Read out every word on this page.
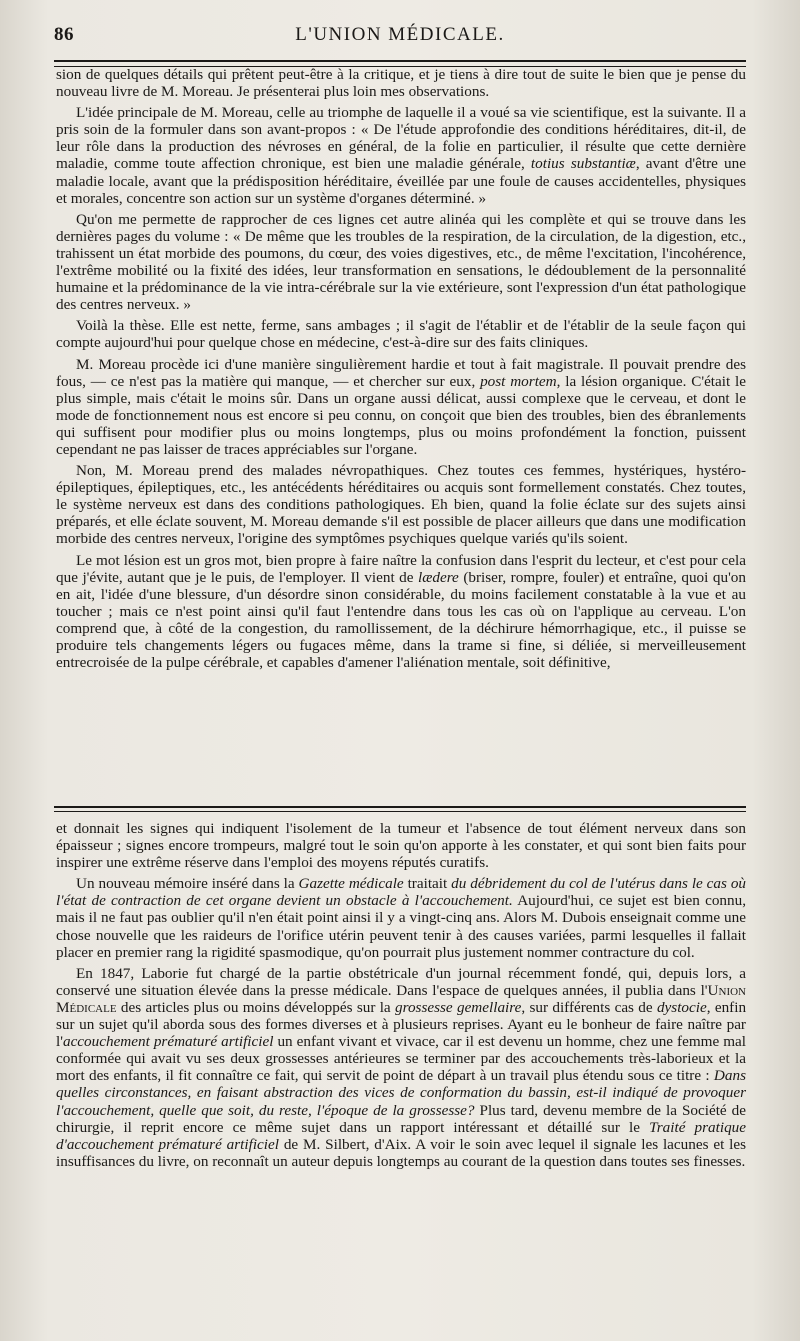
86	L'UNION MÉDICALE.

sion de quelques détails qui prêtent peut-être à la critique, et je tiens à dire tout de suite le bien que je pense du nouveau livre de M. Moreau. Je présenterai plus loin mes observations.

L'idée principale de M. Moreau, celle au triomphe de laquelle il a voué sa vie scientifique, est la suivante. Il a pris soin de la formuler dans son avant-propos : « De l'étude approfondie des conditions héréditaires, dit-il, de leur rôle dans la production des névroses en général, de la folie en particulier, il résulte que cette dernière maladie, comme toute affection chronique, est bien une maladie générale, totius substantiæ, avant d'être une maladie locale, avant que la prédisposition héréditaire, éveillée par une foule de causes accidentelles, physiques et morales, concentre son action sur un système d'organes déterminé. »

Qu'on me permette de rapprocher de ces lignes cet autre alinéa qui les complète et qui se trouve dans les dernières pages du volume : « De même que les troubles de la respiration, de la circulation, de la digestion, etc., trahissent un état morbide des poumons, du cœur, des voies digestives, etc., de même l'excitation, l'incohérence, l'extrême mobilité ou la fixité des idées, leur transformation en sensations, le dédoublement de la personnalité humaine et la prédominance de la vie intra-cérébrale sur la vie extérieure, sont l'expression d'un état pathologique des centres nerveux. »

Voilà la thèse. Elle est nette, ferme, sans ambages ; il s'agit de l'établir et de l'établir de la seule façon qui compte aujourd'hui pour quelque chose en médecine, c'est-à-dire sur des faits cliniques.

M. Moreau procède ici d'une manière singulièrement hardie et tout à fait magistrale. Il pouvait prendre des fous, — ce n'est pas la matière qui manque, — et chercher sur eux, post mortem, la lésion organique. C'était le plus simple, mais c'était le moins sûr. Dans un organe aussi délicat, aussi complexe que le cerveau, et dont le mode de fonctionnement nous est encore si peu connu, on conçoit que bien des troubles, bien des ébranlements qui suffisent pour modifier plus ou moins longtemps, plus ou moins profondément la fonction, puissent cependant ne pas laisser de traces appréciables sur l'organe.

Non, M. Moreau prend des malades névropathiques. Chez toutes ces femmes, hystériques, hystéro-épileptiques, épileptiques, etc., les antécédents héréditaires ou acquis sont formellement constatés. Chez toutes, le système nerveux est dans des conditions pathologiques. Eh bien, quand la folie éclate sur des sujets ainsi préparés, et elle éclate souvent, M. Moreau demande s'il est possible de placer ailleurs que dans une modification morbide des centres nerveux, l'origine des symptômes psychiques quelque variés qu'ils soient.

Le mot lésion est un gros mot, bien propre à faire naître la confusion dans l'esprit du lecteur, et c'est pour cela que j'évite, autant que je le puis, de l'employer. Il vient de lædere (briser, rompre, fouler) et entraîne, quoi qu'on en ait, l'idée d'une blessure, d'un désordre sinon considérable, du moins facilement constatable à la vue et au toucher ; mais ce n'est point ainsi qu'il faut l'entendre dans tous les cas où on l'applique au cerveau. L'on comprend que, à côté de la congestion, du ramollissement, de la déchirure hémorrhagique, etc., il puisse se produire tels changements légers ou fugaces même, dans la trame si fine, si déliée, si merveilleusement entrecroisée de la pulpe cérébrale, et capables d'amener l'aliénation mentale, soit définitive,

et donnait les signes qui indiquent l'isolement de la tumeur et l'absence de tout élément nerveux dans son épaisseur ; signes encore trompeurs, malgré tout le soin qu'on apporte à les constater, et qui sont bien faits pour inspirer une extrême réserve dans l'emploi des moyens réputés curatifs.

Un nouveau mémoire inséré dans la Gazette médicale traitait du débridement du col de l'utérus dans le cas où l'état de contraction de cet organe devient un obstacle à l'accouchement. Aujourd'hui, ce sujet est bien connu, mais il ne faut pas oublier qu'il n'en était point ainsi il y a vingt-cinq ans. Alors M. Dubois enseignait comme une chose nouvelle que les raideurs de l'orifice utérin peuvent tenir à des causes variées, parmi lesquelles il fallait placer en premier rang la rigidité spasmodique, qu'on pourrait plus justement nommer contracture du col.

En 1847, Laborie fut chargé de la partie obstétricale d'un journal récemment fondé, qui, depuis lors, a conservé une situation élevée dans la presse médicale. Dans l'espace de quelques années, il publia dans l'Union Médicale des articles plus ou moins développés sur la grossesse gemellaire, sur différents cas de dystocie, enfin sur un sujet qu'il aborda sous des formes diverses et à plusieurs reprises. Ayant eu le bonheur de faire naître par l'accouchement prématuré artificiel un enfant vivant et vivace, car il est devenu un homme, chez une femme mal conformée qui avait vu ses deux grossesses antérieures se terminer par des accouchements très-laborieux et la mort des enfants, il fit connaître ce fait, qui servit de point de départ à un travail plus étendu sous ce titre : Dans quelles circonstances, en faisant abstraction des vices de conformation du bassin, est-il indiqué de provoquer l'accouchement, quelle que soit, du reste, l'époque de la grossesse? Plus tard, devenu membre de la Société de chirurgie, il reprit encore ce même sujet dans un rapport intéressant et détaillé sur le Traité pratique d'accouchement prématuré artificiel de M. Silbert, d'Aix. A voir le soin avec lequel il signale les lacunes et les insuffisances du livre, on reconnaît un auteur depuis longtemps au courant de la question dans toutes ses finesses.
